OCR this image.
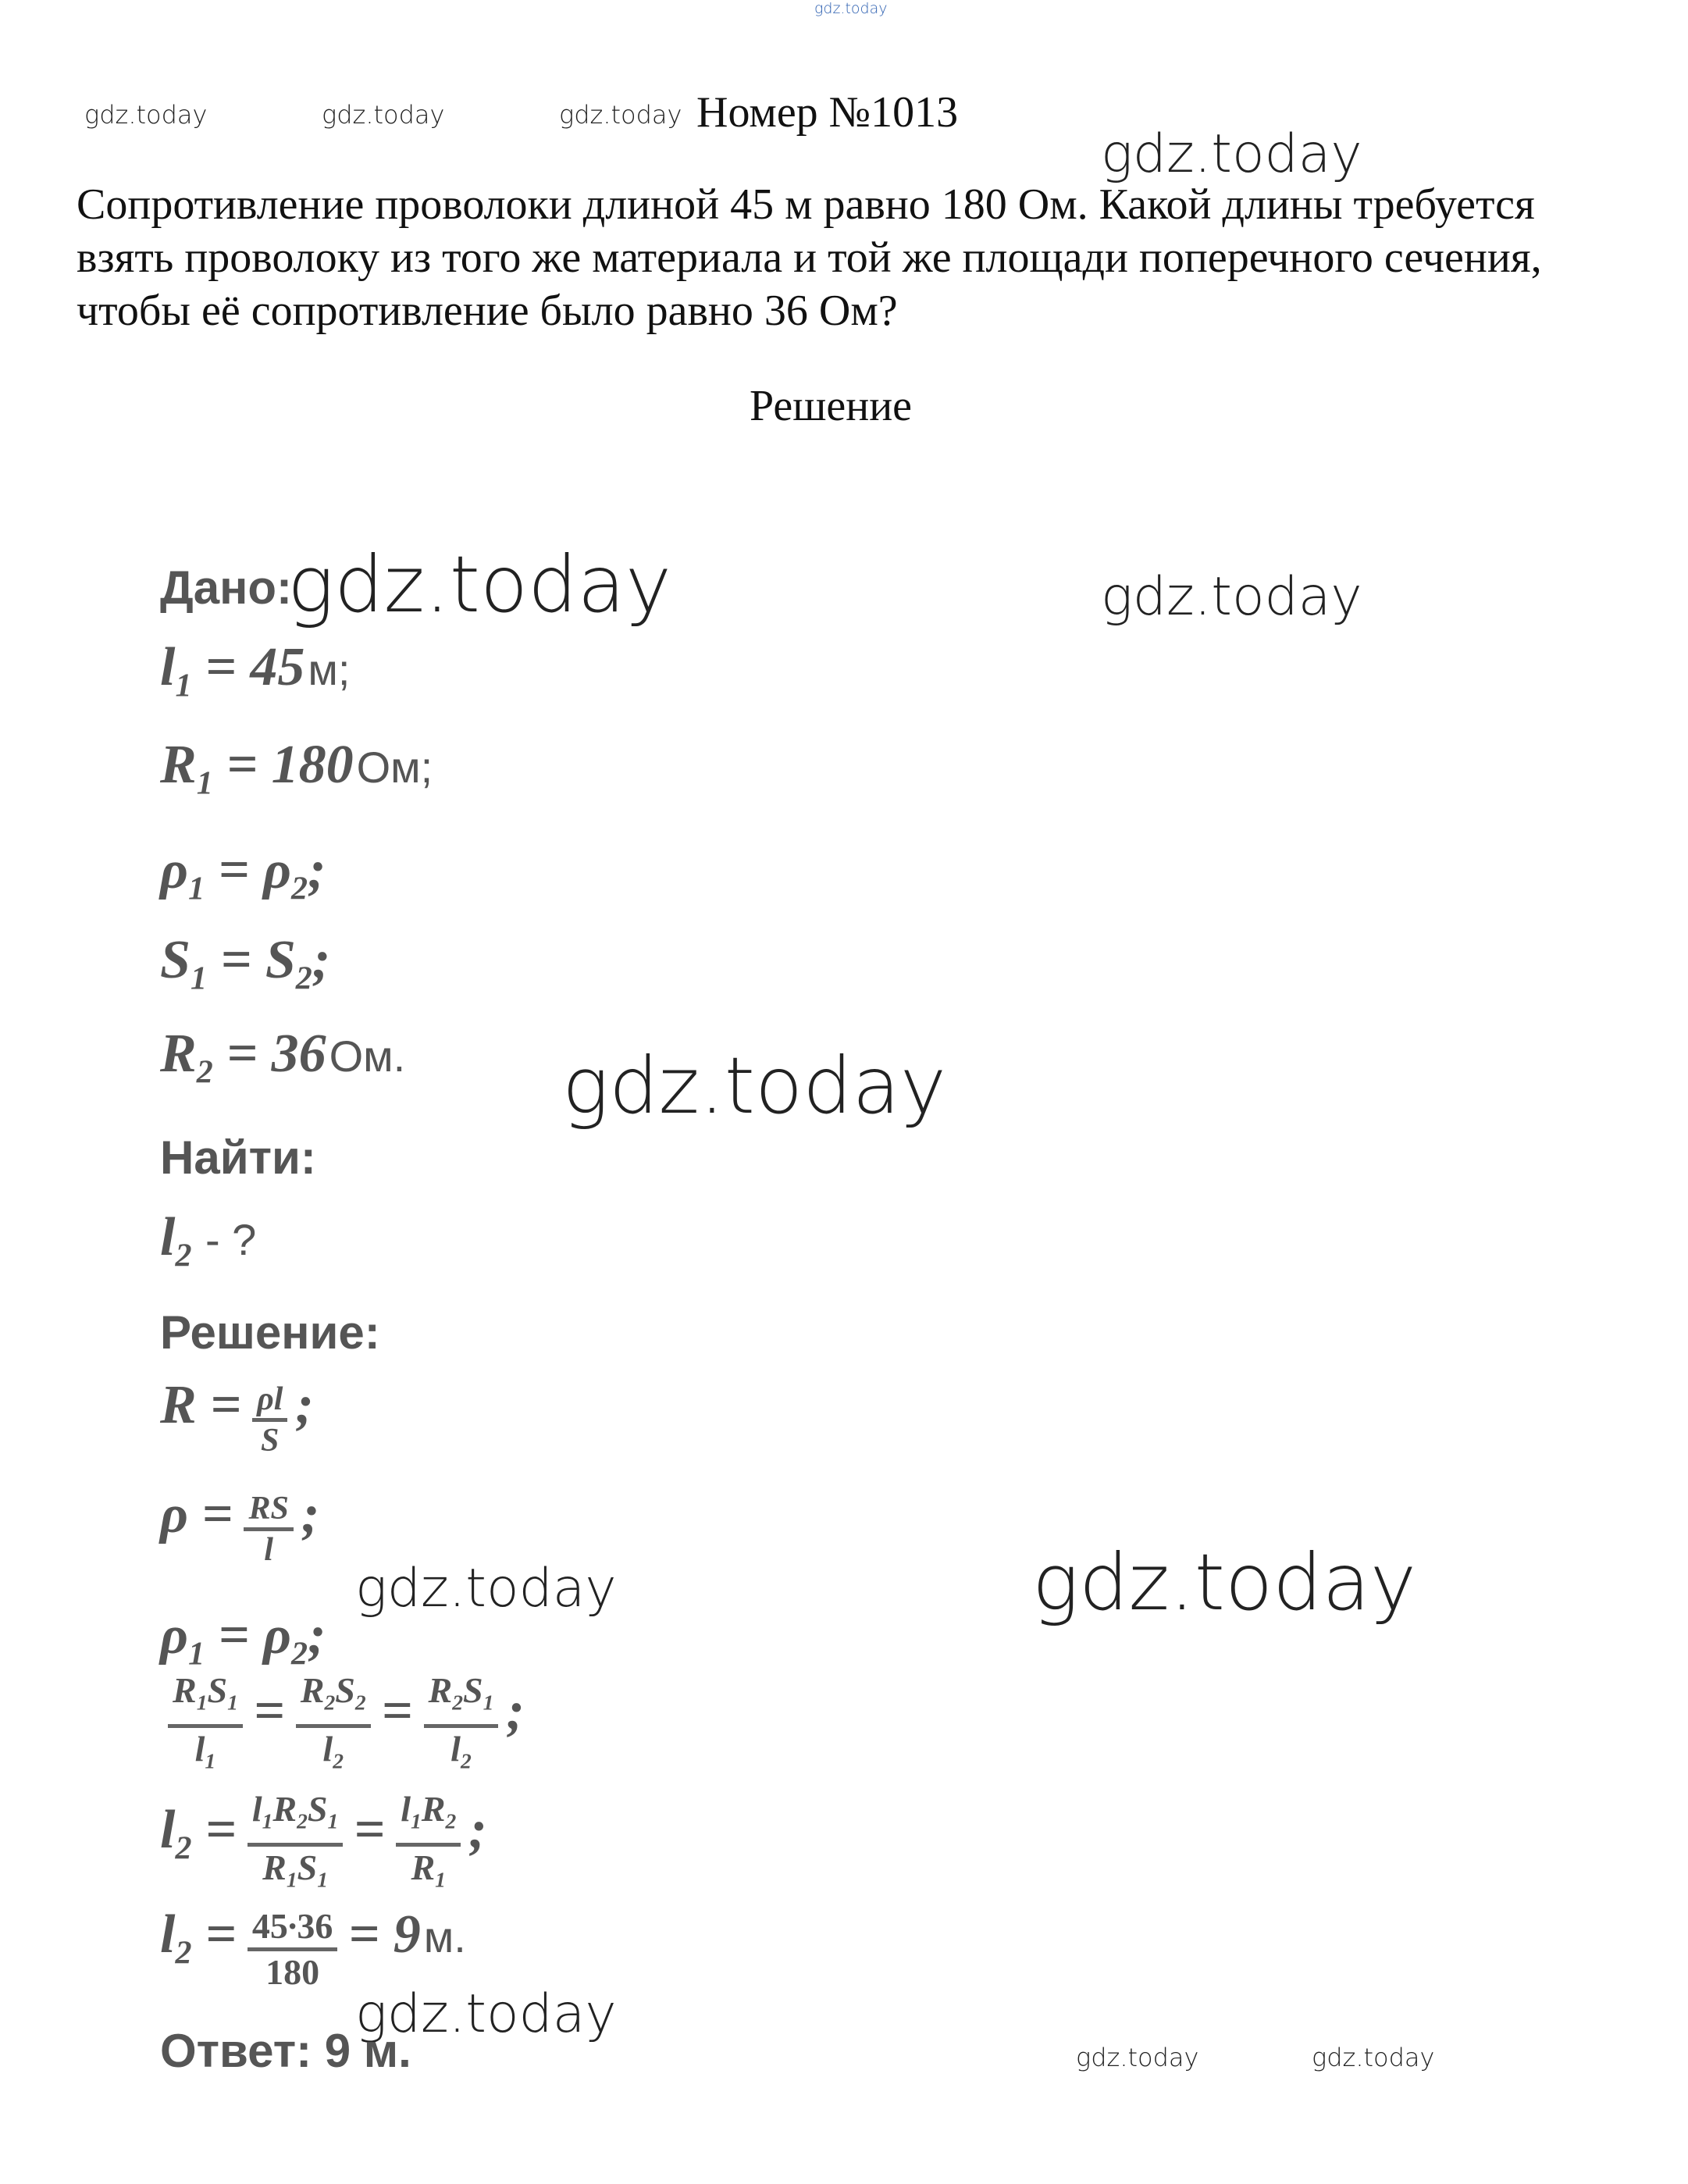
gdz.today
gdz.today	gdz.today	gdz.today
gdz.today
gdz.today	gdz.today
gdz.today
gdz.today	gdz.today
gdz.today
gdz.today	gdz.today
Номер №1013
Сопротивление проволоки длиной 45 м равно 180 Ом. Какой длины требуется взять проволоку из того же материала и той же площади поперечного сечения, чтобы её сопротивление было равно 36 Ом?
Решение
Дано:
$l_1 = 45$ м;
$R_1 = 180$ Ом;
$\rho_1 = \rho_2$;
$S_1 = S_2$;
$R_2 = 36$ Ом.
Найти:
$l_2$ - ?
Решение:
$R = \frac{\rho l}{S}$ ;
$\rho = \frac{RS}{l}$ ;
$\rho_1 = \rho_2$;
$\frac{R_1S_1}{l_1} = \frac{R_2S_2}{l_2} = \frac{R_2S_1}{l_2}$ ;
$l_2 = \frac{l_1R_2S_1}{R_1S_1} = \frac{l_1R_2}{R_1}$ ;
$l_2 = \frac{45\cdot 36}{180} = 9$ м.
Ответ: 9 м.
